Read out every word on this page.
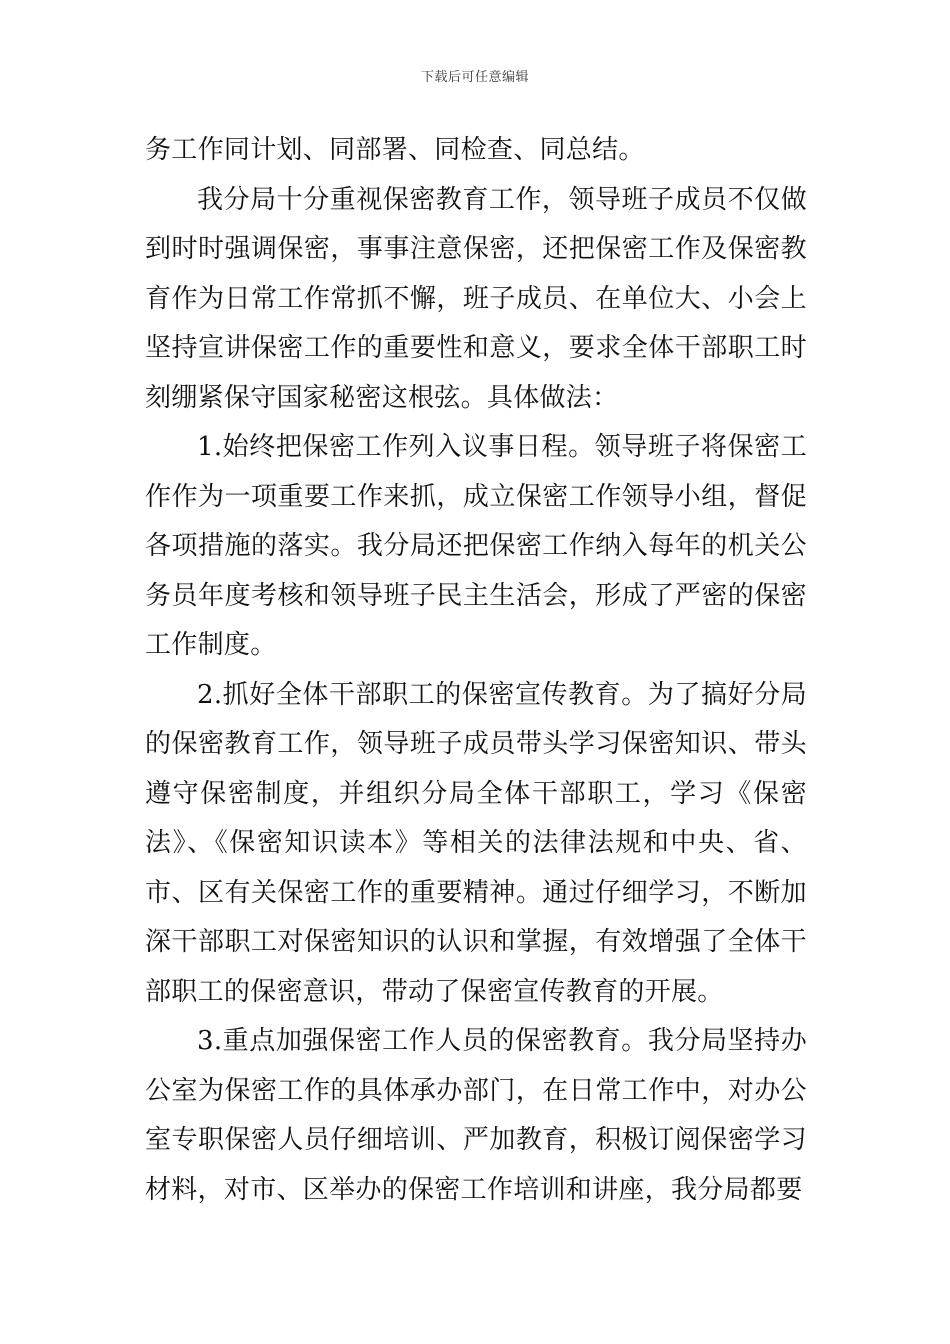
下载后可任意编辑

务工作同计划、同部署、同检查、同总结。

我分局十分重视保密教育工作，领导班子成员不仅做到时时强调保密，事事注意保密，还把保密工作及保密教育作为日常工作常抓不懈，班子成员、在单位大、小会上坚持宣讲保密工作的重要性和意义，要求全体干部职工时刻绷紧保守国家秘密这根弦。具体做法：

1.始终把保密工作列入议事日程。领导班子将保密工作作为一项重要工作来抓，成立保密工作领导小组，督促各项措施的落实。我分局还把保密工作纳入每年的机关公务员年度考核和领导班子民主生活会，形成了严密的保密工作制度。

2.抓好全体干部职工的保密宣传教育。为了搞好分局的保密教育工作，领导班子成员带头学习保密知识、带头遵守保密制度，并组织分局全体干部职工，学习《保密法》、《保密知识读本》等相关的法律法规和中央、省、市、区有关保密工作的重要精神。通过仔细学习，不断加深干部职工对保密知识的认识和掌握，有效增强了全体干部职工的保密意识，带动了保密宣传教育的开展。

3.重点加强保密工作人员的保密教育。我分局坚持办公室为保密工作的具体承办部门，在日常工作中，对办公室专职保密人员仔细培训、严加教育，积极订阅保密学习材料，对市、区举办的保密工作培训和讲座，我分局都要
